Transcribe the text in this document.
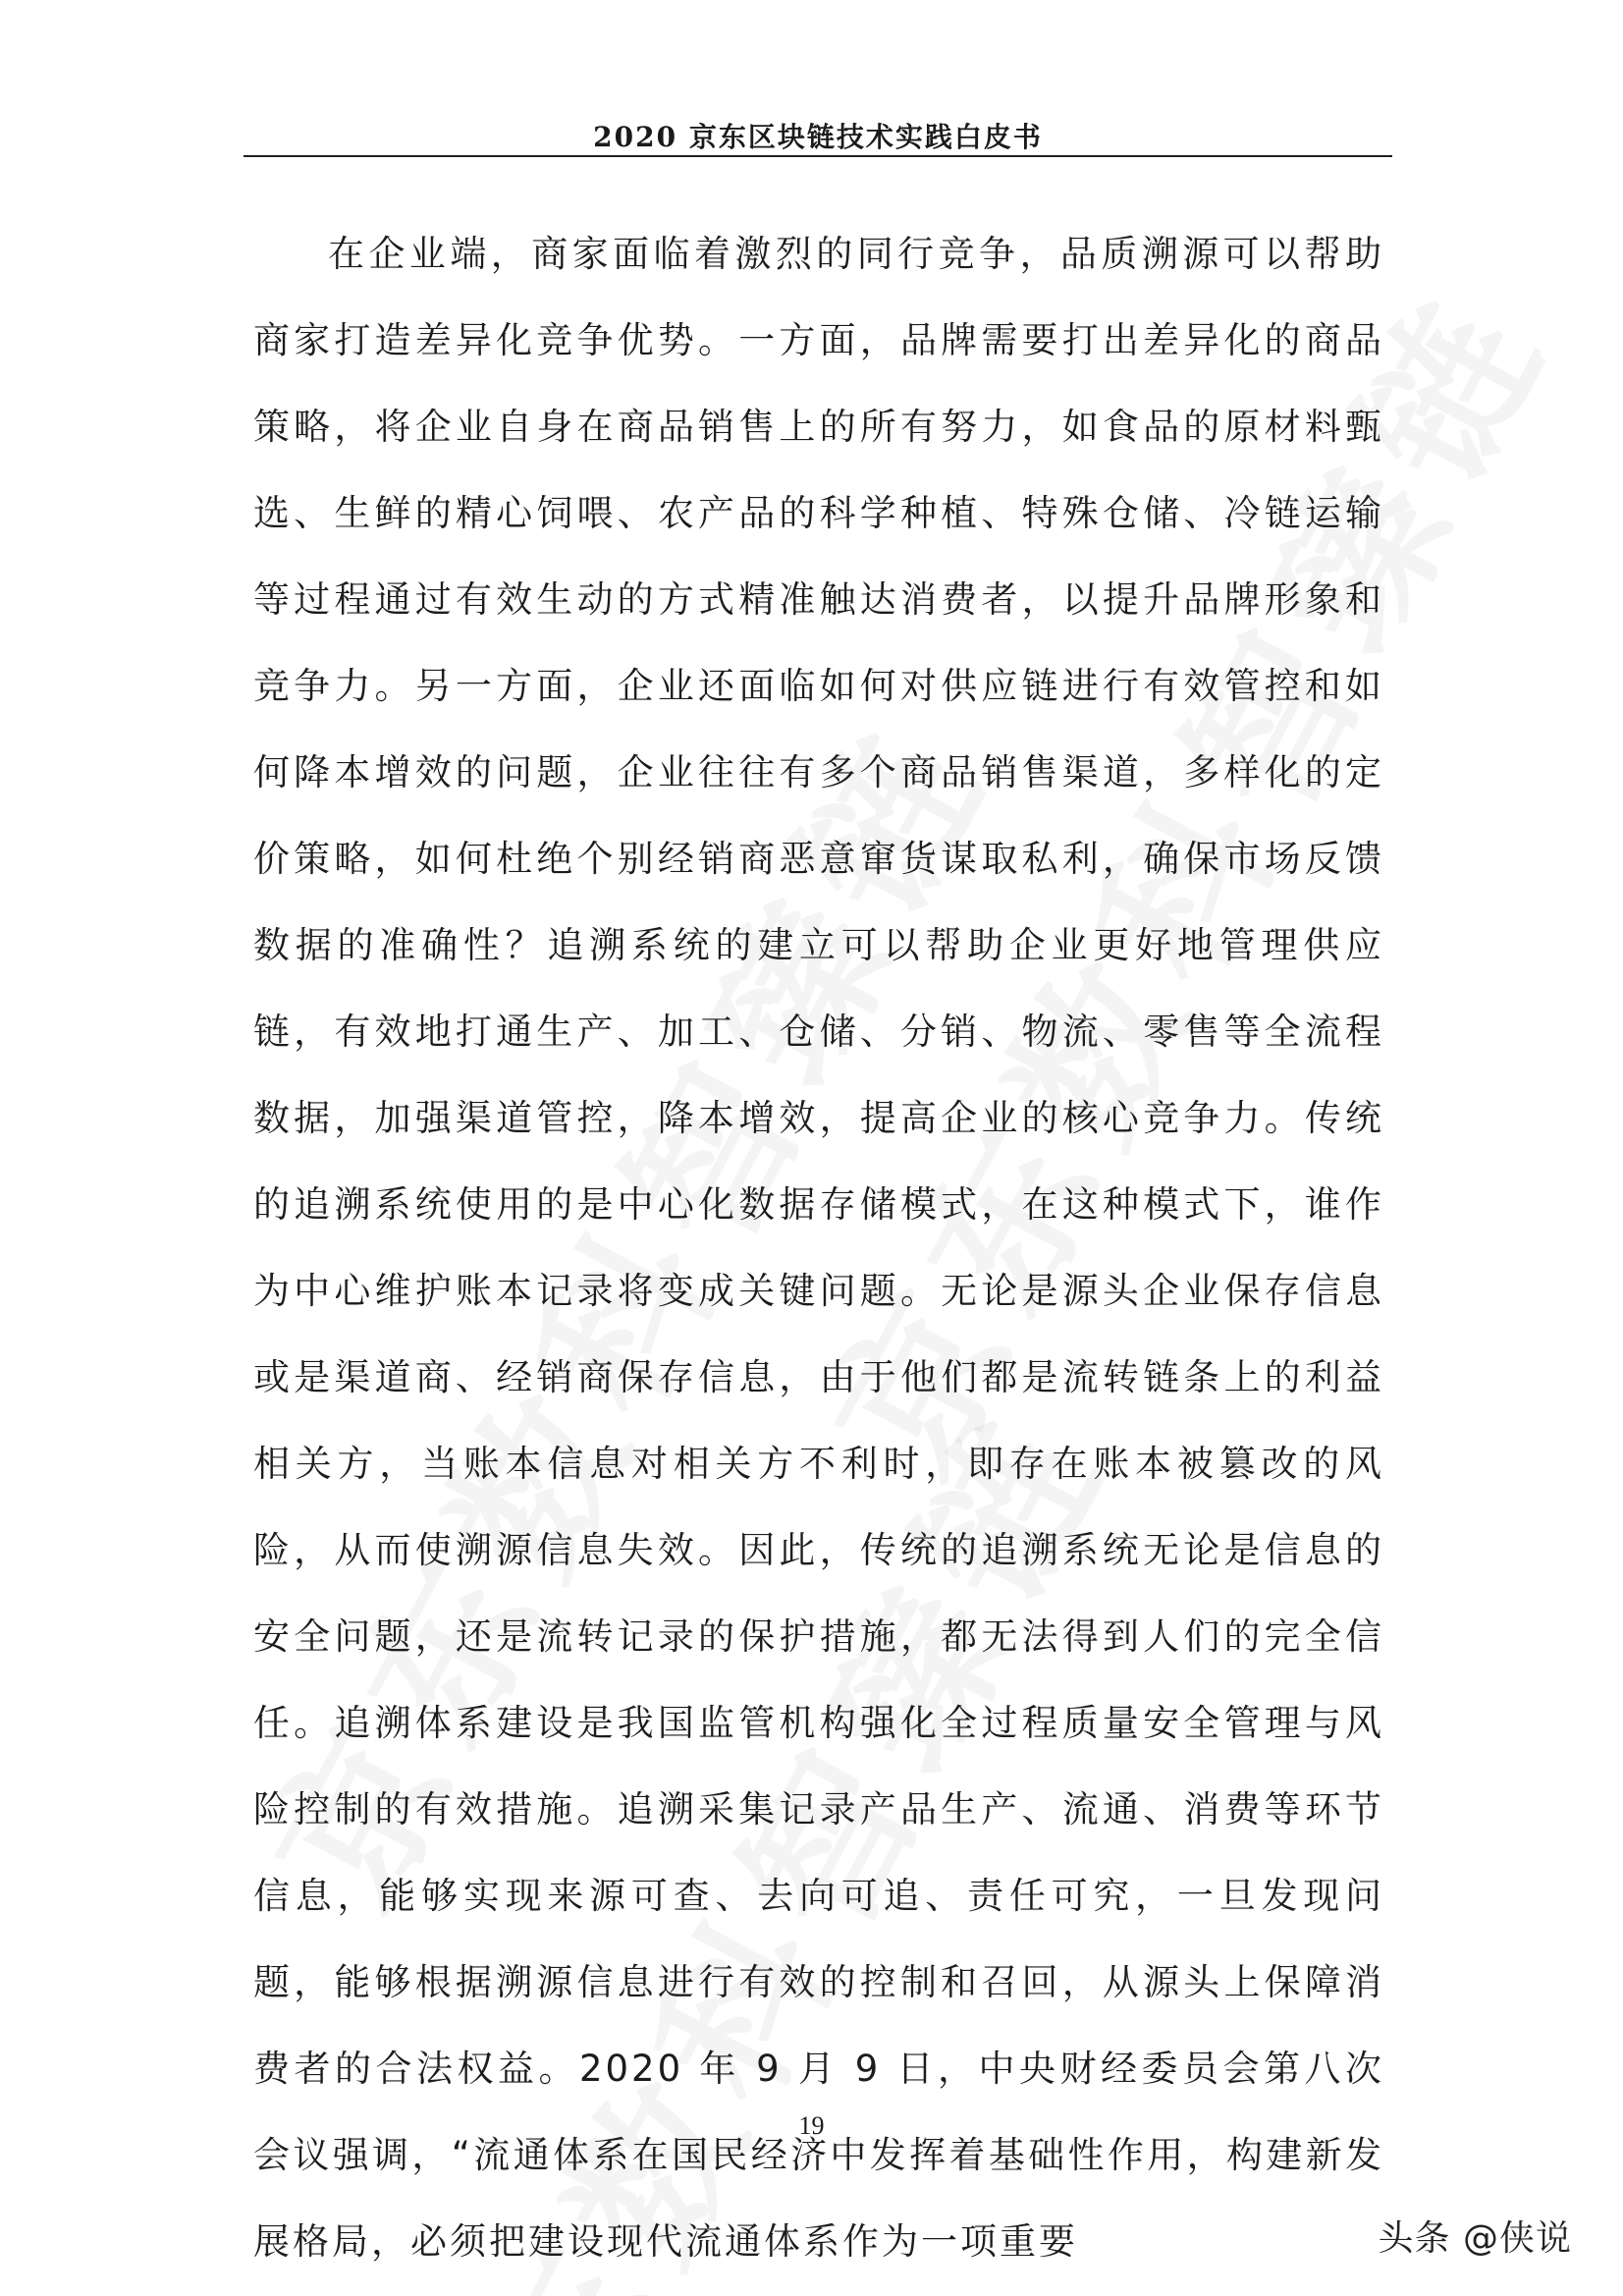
2020 京东区块链技术实践白皮书

在企业端，商家面临着激烈的同行竞争，品质溯源可以帮助商家打造差异化竞争优势。一方面，品牌需要打出差异化的商品策略，将企业自身在商品销售上的所有努力，如食品的原材料甄选、生鲜的精心饲喂、农产品的科学种植、特殊仓储、冷链运输等过程通过有效生动的方式精准触达消费者，以提升品牌形象和竞争力。另一方面，企业还面临如何对供应链进行有效管控和如何降本增效的问题，企业往往有多个商品销售渠道，多样化的定价策略，如何杜绝个别经销商恶意窜货谋取私利，确保市场反馈数据的准确性？追溯系统的建立可以帮助企业更好地管理供应链，有效地打通生产、加工、仓储、分销、物流、零售等全流程数据，加强渠道管控，降本增效，提高企业的核心竞争力。传统的追溯系统使用的是中心化数据存储模式，在这种模式下，谁作为中心维护账本记录将变成关键问题。无论是源头企业保存信息或是渠道商、经销商保存信息，由于他们都是流转链条上的利益相关方，当账本信息对相关方不利时，即存在账本被篡改的风险，从而使溯源信息失效。因此，传统的追溯系统无论是信息的安全问题，还是流转记录的保护措施，都无法得到人们的完全信任。追溯体系建设是我国监管机构强化全过程质量安全管理与风险控制的有效措施。追溯采集记录产品生产、流通、消费等环节信息，能够实现来源可查、去向可追、责任可究，一旦发现问题，能够根据溯源信息进行有效的控制和召回，从源头上保障消费者的合法权益。2020 年 9 月 9 日，中央财经委员会第八次会议强调，“流通体系在国民经济中发挥着基础性作用，构建新发展格局，必须把建设现代流通体系作为一项重要

19
头条 @侠说
